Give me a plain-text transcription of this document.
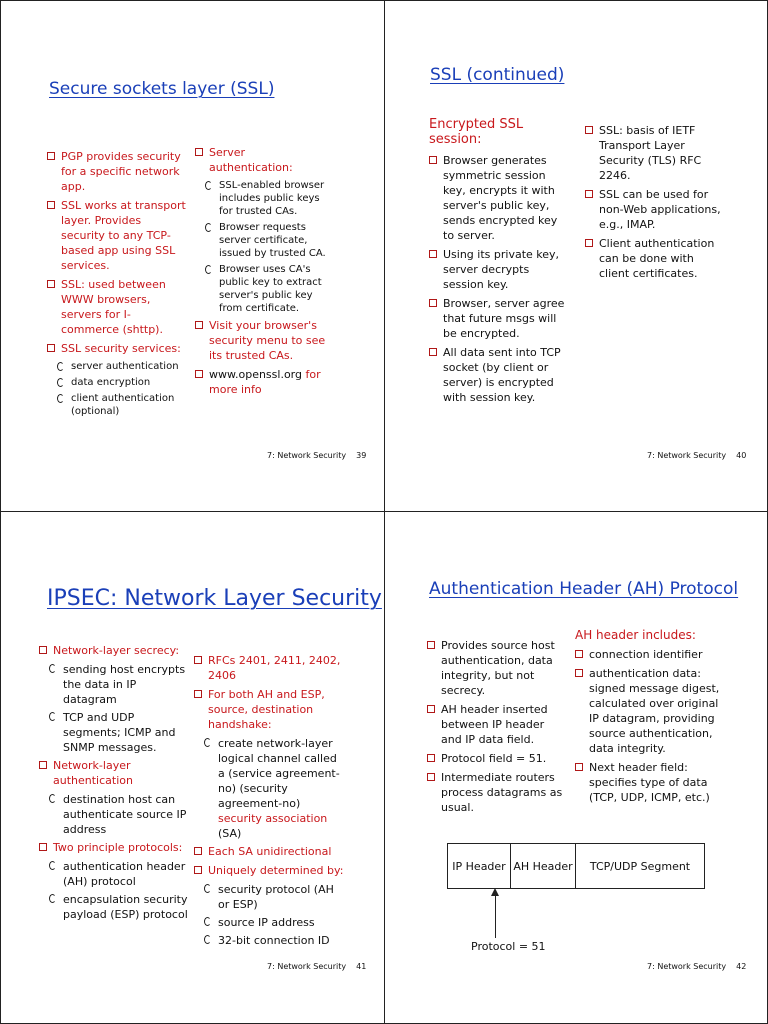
Secure sockets layer (SSL)
PGP provides security for a specific network app.
SSL works at transport layer. Provides security to any TCP-based app using SSL services.
SSL: used between WWW browsers, servers for I-commerce (shttp).
SSL security services:
server authentication
data encryption
client authentication (optional)
Server authentication:
SSL-enabled browser includes public keys for trusted CAs.
Browser requests server certificate, issued by trusted CA.
Browser uses CA's public key to extract server's public key from certificate.
Visit your browser's security menu to see its trusted CAs.
www.openssl.org for more info
7: Network Security 39
SSL (continued)
Encrypted SSL session:
Browser generates symmetric session key, encrypts it with server's public key, sends encrypted key to server.
Using its private key, server decrypts session key.
Browser, server agree that future msgs will be encrypted.
All data sent into TCP socket (by client or server) is encrypted with session key.
SSL: basis of IETF Transport Layer Security (TLS) RFC 2246.
SSL can be used for non-Web applications, e.g., IMAP.
Client authentication can be done with client certificates.
7: Network Security 40
IPSEC: Network Layer Security
Network-layer secrecy:
sending host encrypts the data in IP datagram
TCP and UDP segments; ICMP and SNMP messages.
Network-layer authentication
destination host can authenticate source IP address
Two principle protocols:
authentication header (AH) protocol
encapsulation security payload (ESP) protocol
RFCs 2401, 2411, 2402, 2406
For both AH and ESP, source, destination handshake:
create network-layer logical channel called a (service agreement-no) (security agreement-no) security association (SA)
Each SA unidirectional
Uniquely determined by:
security protocol (AH or ESP)
source IP address
32-bit connection ID
7: Network Security 41
Authentication Header (AH) Protocol
Provides source host authentication, data integrity, but not secrecy.
AH header inserted between IP header and IP data field.
Protocol field = 51.
Intermediate routers process datagrams as usual.
AH header includes:
connection identifier
authentication data: signed message digest, calculated over original IP datagram, providing source authentication, data integrity.
Next header field: specifies type of data (TCP, UDP, ICMP, etc.)
IP Header AH Header	TCP/UDP Segment
Protocol = 51
7: Network Security 42
